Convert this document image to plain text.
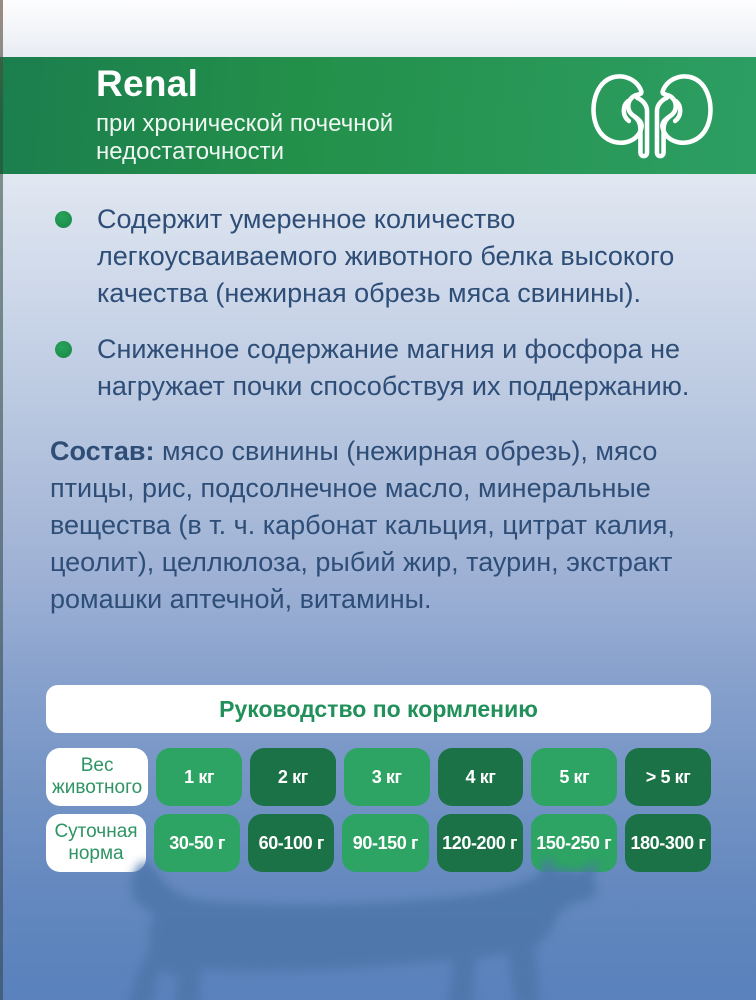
Renal
при хронической почечной
недостаточности

Содержит умеренное количество легкоусваиваемого животного белка высокого качества (нежирная обрезь мяса свинины).

Сниженное содержание магния и фосфора не нагружает почки способствуя их поддержанию.

Состав: мясо свинины (нежирная обрезь), мясо птицы, рис, подсолнечное масло, минеральные вещества (в т. ч. карбонат кальция, цитрат калия, цеолит), целлюлоза, рыбий жир, таурин, экстракт ромашки аптечной, витамины.

Руководство по кормлению
Вес животного
1 кг	2 кг	3 кг	4 кг	5 кг	> 5 кг
Суточная норма
30-50 г	60-100 г	90-150 г	120-200 г	150-250 г	180-300 г
